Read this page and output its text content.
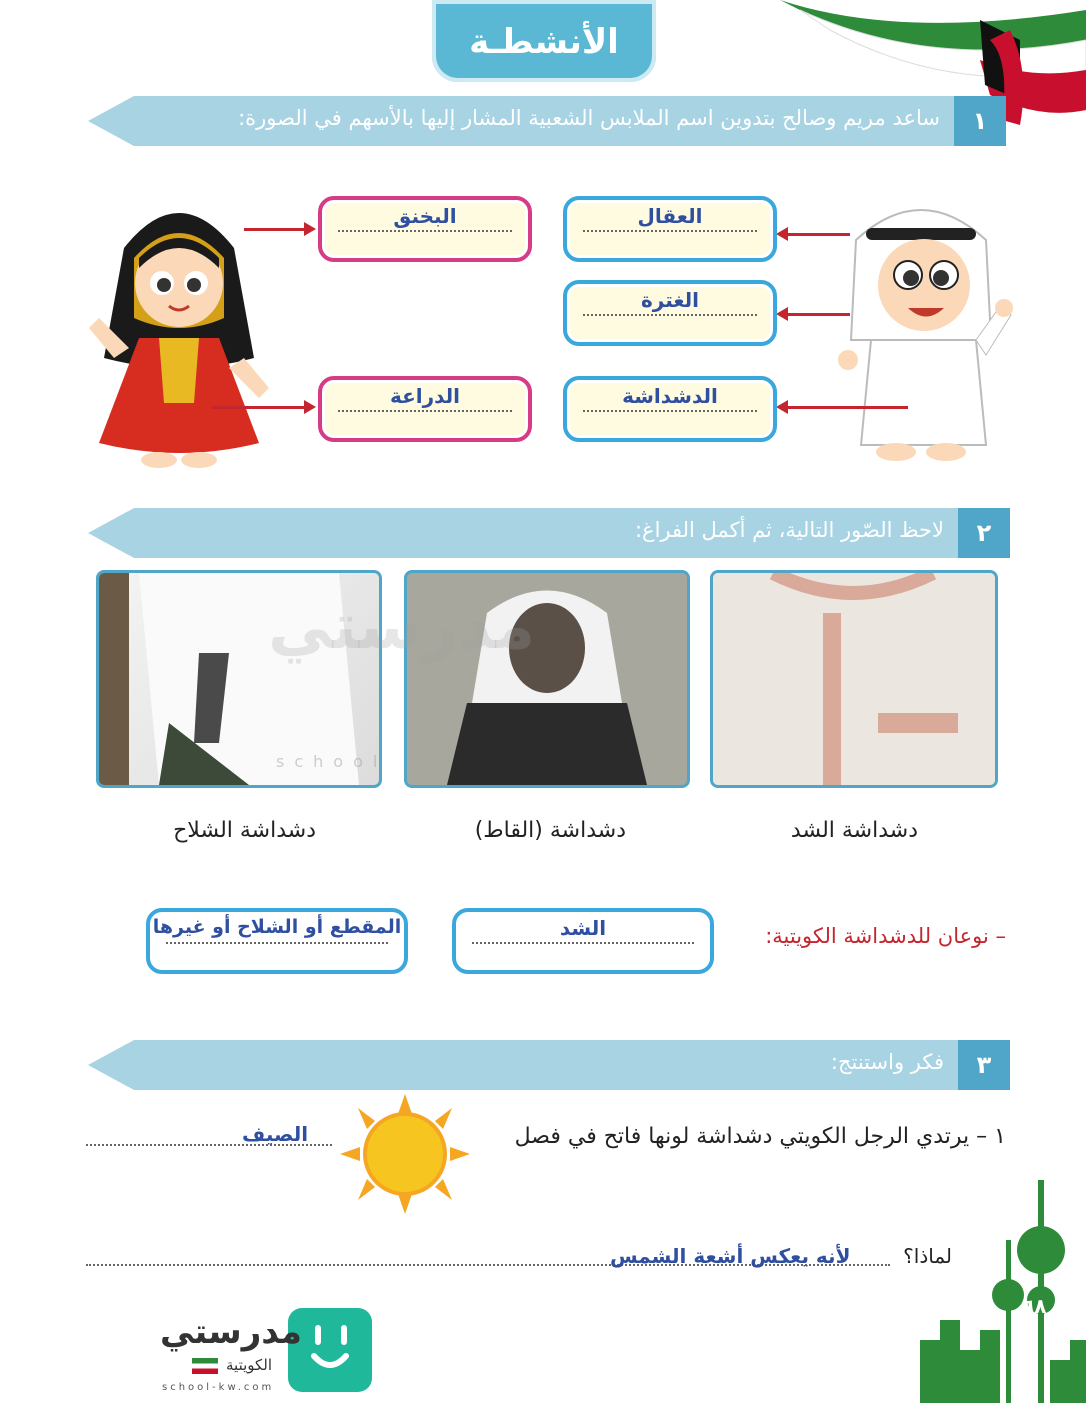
الأنشطـة
١
ساعد مريم وصالح بتدوين اسم الملابس الشعبية المشار إليها بالأسهم في الصورة:
البخنق
الدراعة
العقال
الغترة
الدشداشة
٢
لاحظ الصّور التالية، ثم أكمل الفراغ:
مدرستي
school
دشداشة الشد
دشداشة (القاط)
دشداشة الشلاح
– نوعان للدشداشة الكويتية:
الشد
المقطع أو الشلاح أو غيرها
٣
فكر واستنتج:
١ – يرتدي الرجل الكويتي دشداشة لونها فاتح في فصل
الصيف
لماذا؟
لأنه يعكس أشعة الشمس
٦٨
مدرستي
الكويتية
school-kw.com
